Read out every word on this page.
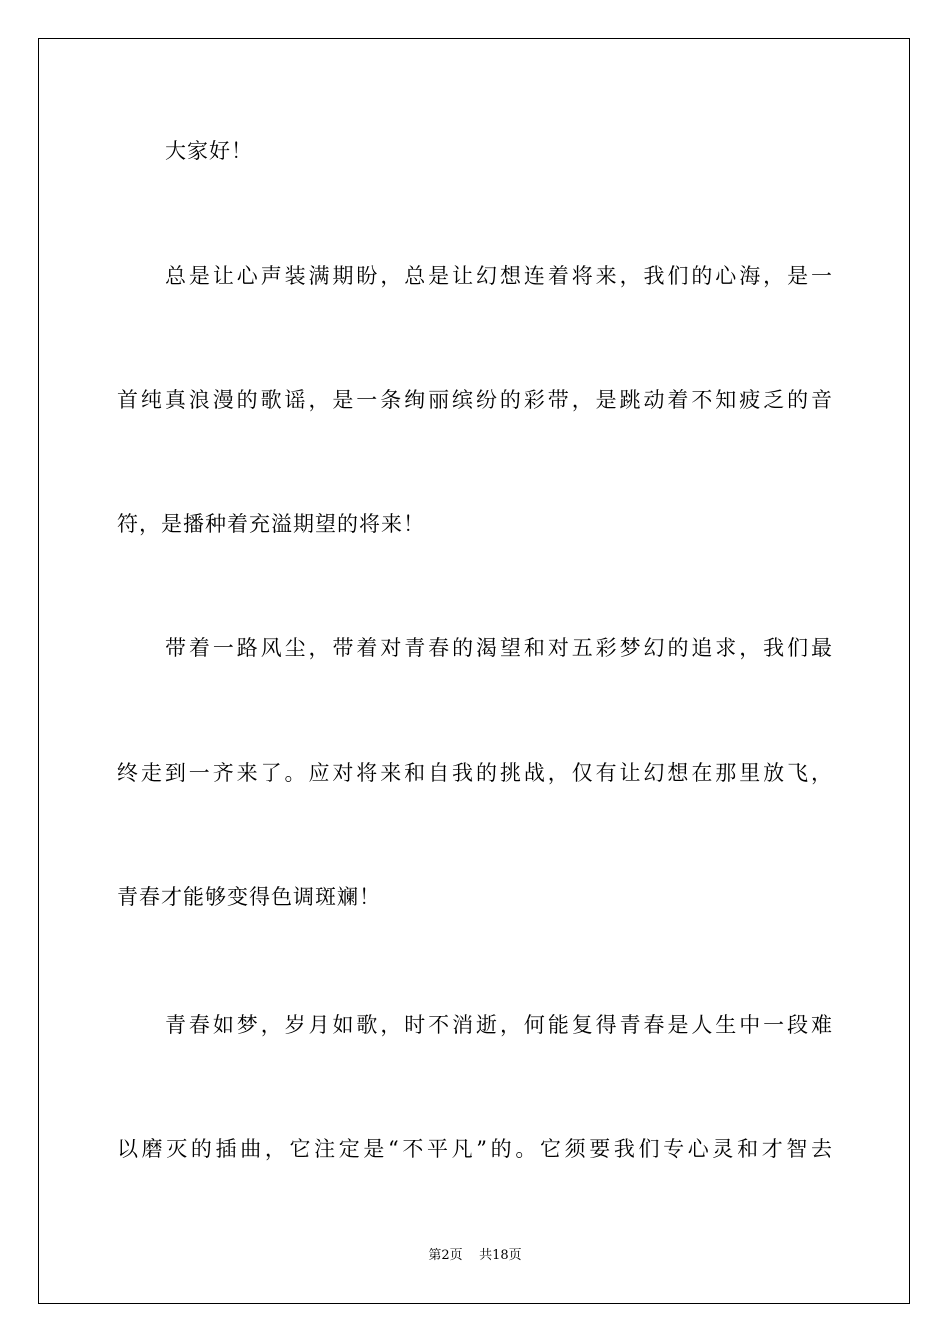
大家好！
总是让心声装满期盼，总是让幻想连着将来，我们的心海，是一
首纯真浪漫的歌谣，是一条绚丽缤纷的彩带，是跳动着不知疲乏的音
符，是播种着充溢期望的将来！
带着一路风尘，带着对青春的渴望和对五彩梦幻的追求，我们最
终走到一齐来了。应对将来和自我的挑战，仅有让幻想在那里放飞，
青春才能够变得色调斑斓！
青春如梦，岁月如歌，时不消逝，何能复得青春是人生中一段难
以磨灭的插曲，它注定是“不平凡”的。它须要我们专心灵和才智去
第2页 共18页
